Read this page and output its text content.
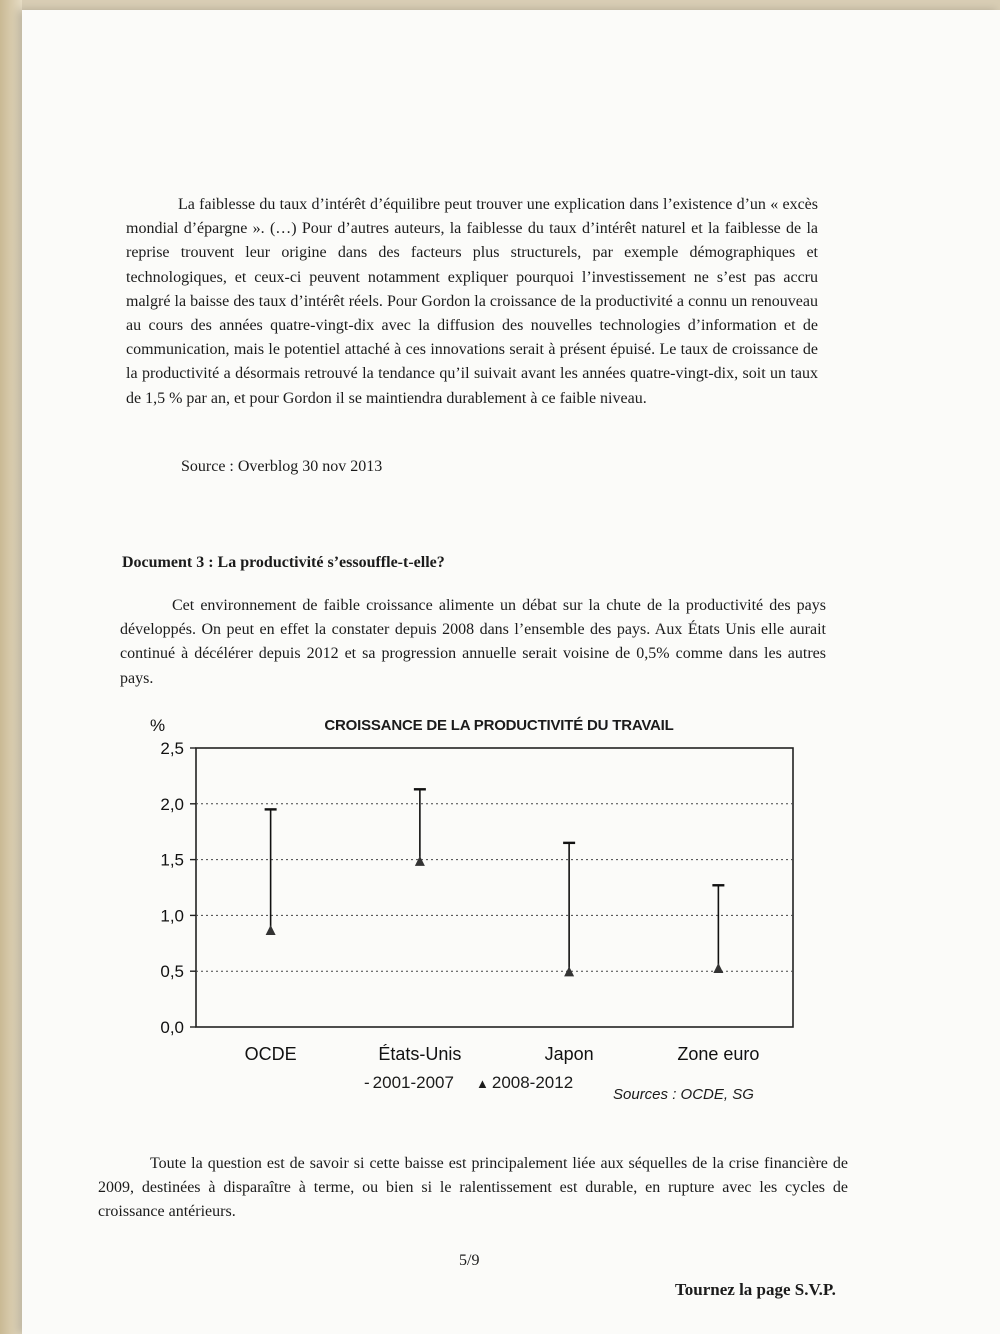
La faiblesse du taux d’intérêt d’équilibre peut trouver une explication dans l’existence d’un « excès mondial d’épargne ». (…) Pour d’autres auteurs, la faiblesse du taux d’intérêt naturel et la faiblesse de la reprise trouvent leur origine dans des facteurs plus structurels, par exemple démographiques et technologiques, et ceux-ci peuvent notamment expliquer pourquoi l’investissement ne s’est pas accru malgré la baisse des taux d’intérêt réels. Pour Gordon la croissance de la productivité a connu un renouveau au cours des années quatre-vingt-dix avec la diffusion des nouvelles technologies d’information et de communication, mais le potentiel attaché à ces innovations serait à présent épuisé. Le taux de croissance de la productivité a désormais retrouvé la tendance qu’il suivait avant les années quatre-vingt-dix, soit un taux de 1,5 % par an, et pour Gordon il se maintiendra durablement à ce faible niveau.

Source : Overblog 30 nov 2013
Document 3 : La productivité s’essouffle-t-elle?

Cet environnement de faible croissance alimente un débat sur la chute de la productivité des pays développés. On peut en effet la constater depuis 2008 dans l’ensemble des pays. Aux États Unis elle aurait continué à décélérer depuis 2012 et sa progression annuelle serait voisine de 0,5% comme dans les autres pays.

CROISSANCE DE LA PRODUCTIVITÉ DU TRAVAIL
%
0,0
0,5
1,0
1,5
2,0
2,5
OCDE	États-Unis	Japon	Zone euro
- 2001-2007 ▲ 2008-2012
Sources : OCDE, SG

Toute la question est de savoir si cette baisse est principalement liée aux séquelles de la crise financière de 2009, destinées à disparaître à terme, ou bien si le ralentissement est durable, en rupture avec les cycles de croissance antérieurs.

5/9
Tournez la page S.V.P.
